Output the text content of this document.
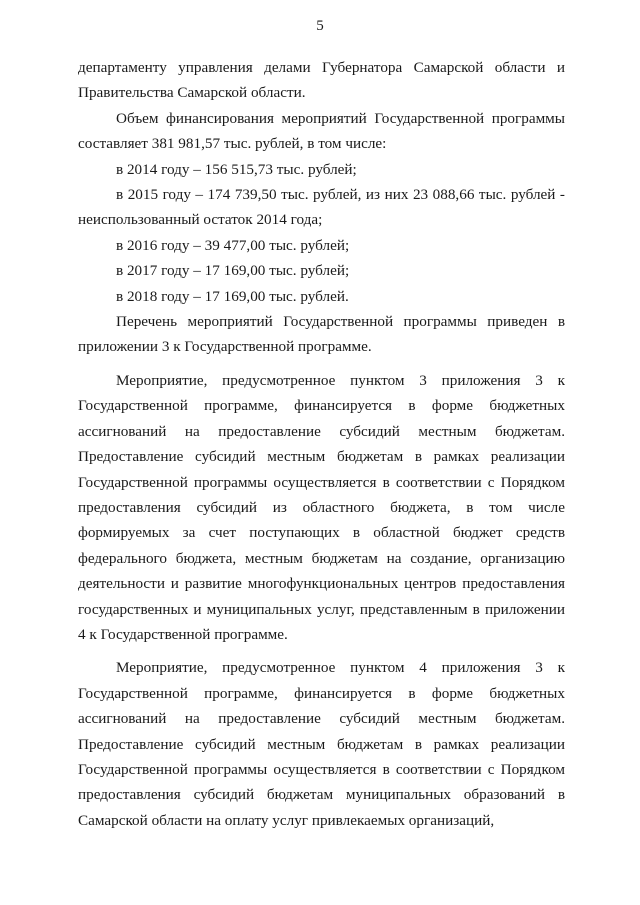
5

департаменту управления делами Губернатора Самарской области и Правительства Самарской области.

Объем финансирования мероприятий Государственной программы составляет 381 981,57 тыс. рублей, в том числе:

в 2014 году – 156 515,73 тыс. рублей;

в 2015 году – 174 739,50 тыс. рублей, из них 23 088,66 тыс. рублей - неиспользованный остаток 2014 года;

в 2016 году – 39 477,00 тыс. рублей;

в 2017 году – 17 169,00 тыс. рублей;

в 2018 году – 17 169,00 тыс. рублей.

Перечень мероприятий Государственной программы приведен в приложении 3 к Государственной программе.

Мероприятие, предусмотренное пунктом 3 приложения 3 к Государственной программе, финансируется в форме бюджетных ассигнований на предоставление субсидий местным бюджетам. Предоставление субсидий местным бюджетам в рамках реализации Государственной программы осуществляется в соответствии с Порядком предоставления субсидий из областного бюджета, в том числе формируемых за счет поступающих в областной бюджет средств федерального бюджета, местным бюджетам на создание, организацию деятельности и развитие многофункциональных центров предоставления государственных и муниципальных услуг, представленным в приложении 4 к Государственной программе.

Мероприятие, предусмотренное пунктом 4 приложения 3 к Государственной программе, финансируется в форме бюджетных ассигнований на предоставление субсидий местным бюджетам. Предоставление субсидий местным бюджетам в рамках реализации Государственной программы осуществляется в соответствии с Порядком предоставления субсидий бюджетам муниципальных образований в Самарской области на оплату услуг привлекаемых организаций,
